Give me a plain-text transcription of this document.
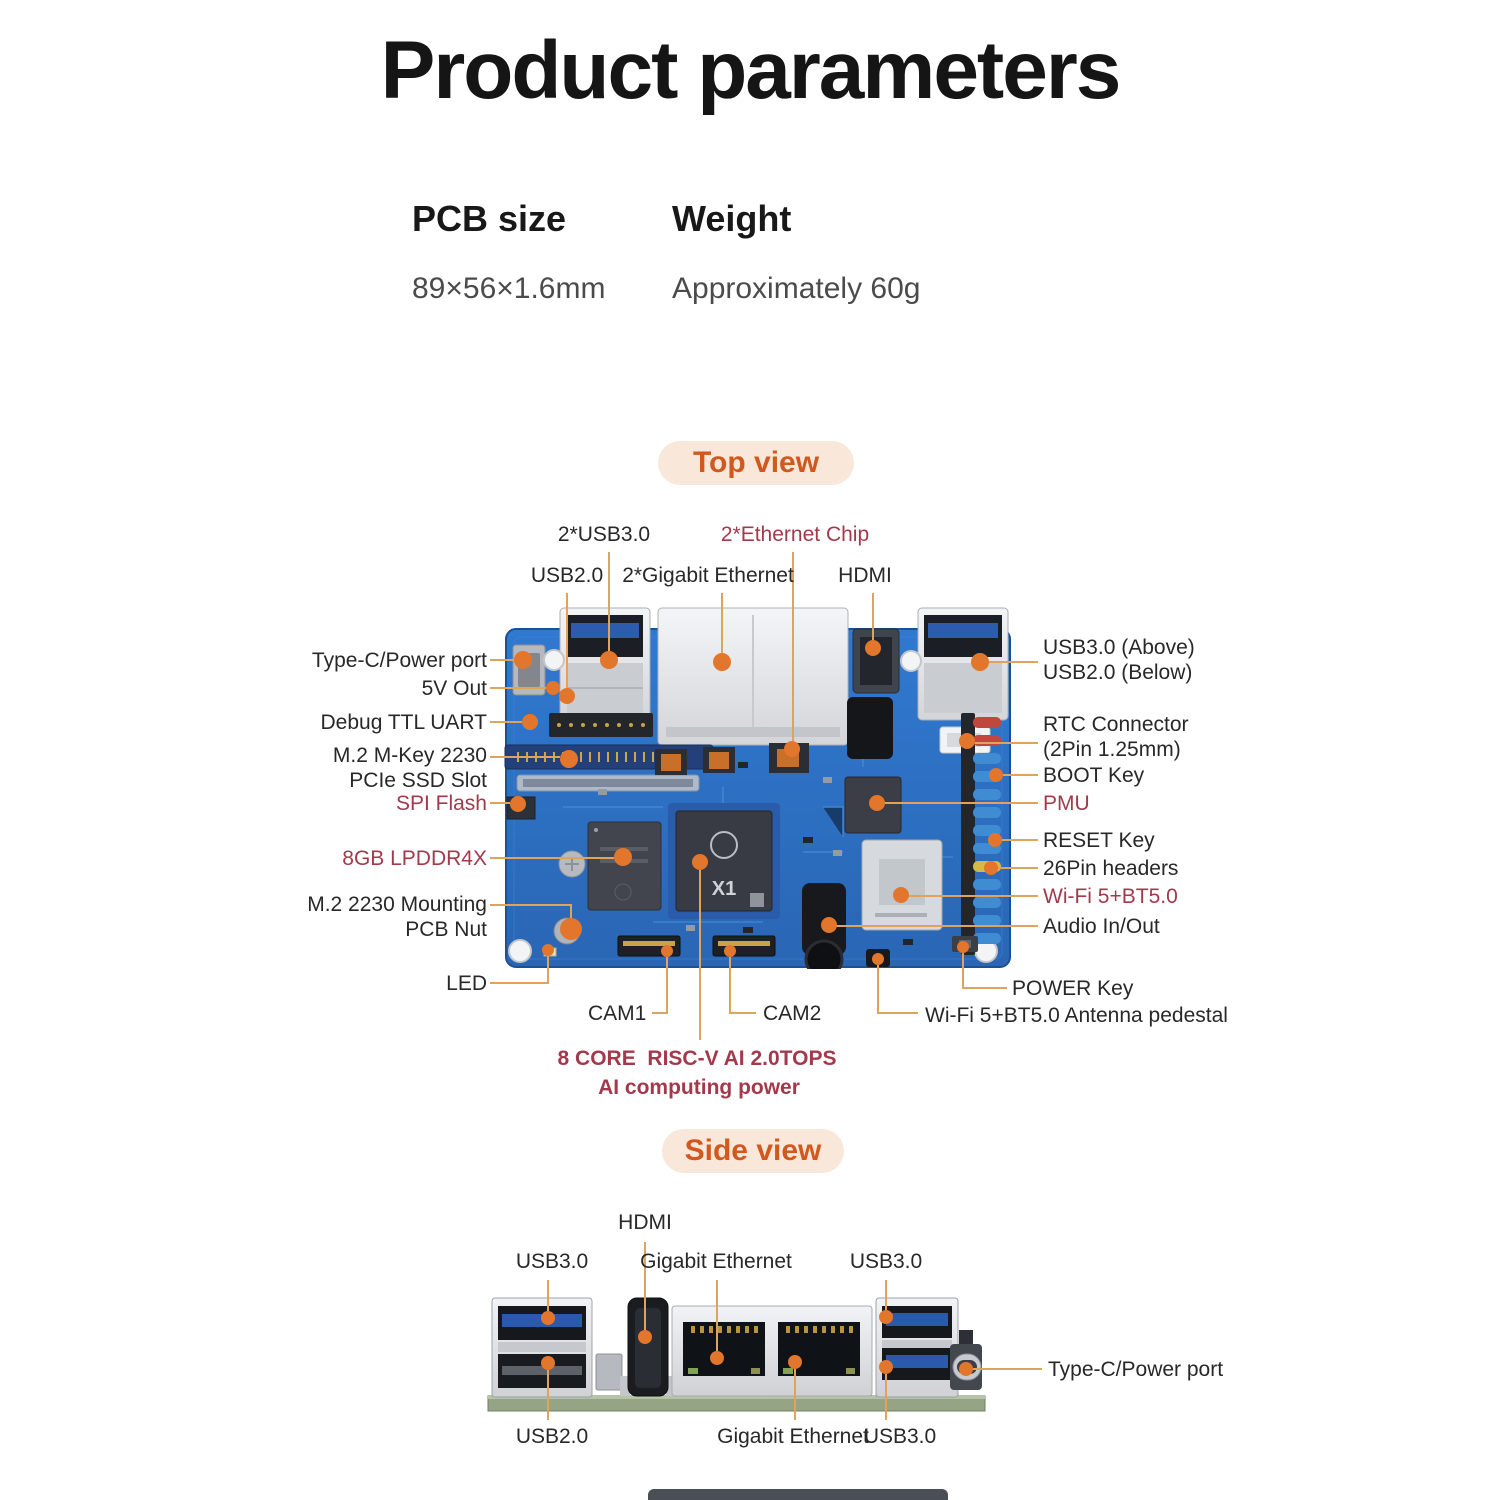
Product parameters
PCB size
89×56×1.6mm
Weight
Approximately 60g
Top view
Side view
X1
2*USB3.0	2*Ethernet Chip
USB2.0 2*Gigabit Ethernet HDMI
Type-C/Power port
5V Out
Debug TTL UART
M.2 M-Key 2230
PCIe SSD Slot
SPI Flash
8GB LPDDR4X
M.2 2230 Mounting
PCB Nut
LED
USB3.0 (Above)
USB2.0 (Below)
RTC Connector
(2Pin 1.25mm)
BOOT Key
PMU
RESET Key
26Pin headers
Wi-Fi 5+BT5.0
Audio In/Out
POWER Key
Wi-Fi 5+BT5.0 Antenna pedestal
CAM1	CAM2
8 CORE  RISC-V AI 2.0TOPS
AI computing power
HDMI
USB3.0 Gigabit Ethernet	USB3.0
USB2.0	Gigabit Ethernet
USB3.0
Type-C/Power port
